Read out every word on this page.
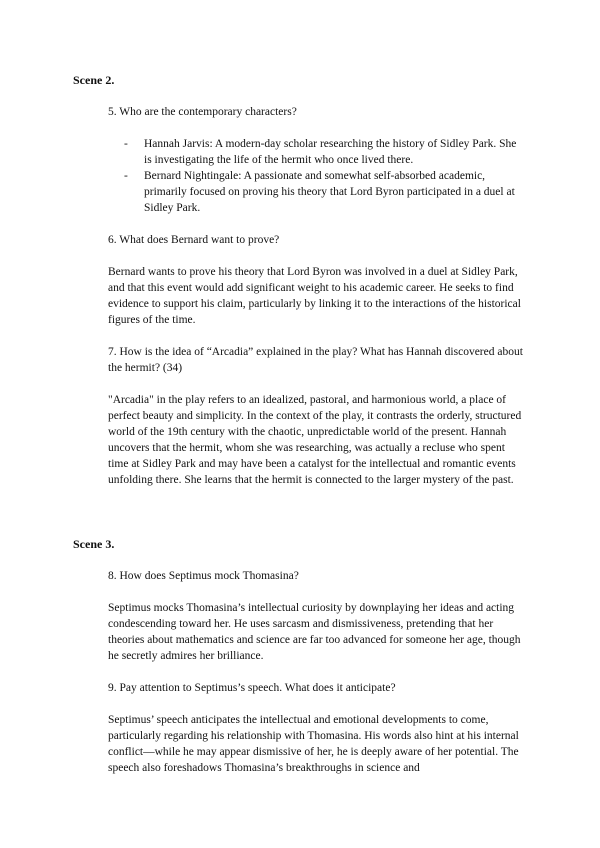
Scene 2.

5. Who are the contemporary characters?

- Hannah Jarvis: A modern-day scholar researching the history of Sidley Park. She is investigating the life of the hermit who once lived there.
- Bernard Nightingale: A passionate and somewhat self-absorbed academic, primarily focused on proving his theory that Lord Byron participated in a duel at Sidley Park.

6. What does Bernard want to prove?

Bernard wants to prove his theory that Lord Byron was involved in a duel at Sidley Park, and that this event would add significant weight to his academic career. He seeks to find evidence to support his claim, particularly by linking it to the interactions of the historical figures of the time.

7. How is the idea of “Arcadia” explained in the play? What has Hannah discovered about the hermit? (34)

"Arcadia" in the play refers to an idealized, pastoral, and harmonious world, a place of perfect beauty and simplicity. In the context of the play, it contrasts the orderly, structured world of the 19th century with the chaotic, unpredictable world of the present. Hannah uncovers that the hermit, whom she was researching, was actually a recluse who spent time at Sidley Park and may have been a catalyst for the intellectual and romantic events unfolding there. She learns that the hermit is connected to the larger mystery of the past.

Scene 3.

8. How does Septimus mock Thomasina?

Septimus mocks Thomasina’s intellectual curiosity by downplaying her ideas and acting condescending toward her. He uses sarcasm and dismissiveness, pretending that her theories about mathematics and science are far too advanced for someone her age, though he secretly admires her brilliance.

9. Pay attention to Septimus’s speech. What does it anticipate?

Septimus’ speech anticipates the intellectual and emotional developments to come, particularly regarding his relationship with Thomasina. His words also hint at his internal conflict—while he may appear dismissive of her, he is deeply aware of her potential. The speech also foreshadows Thomasina’s breakthroughs in science and
